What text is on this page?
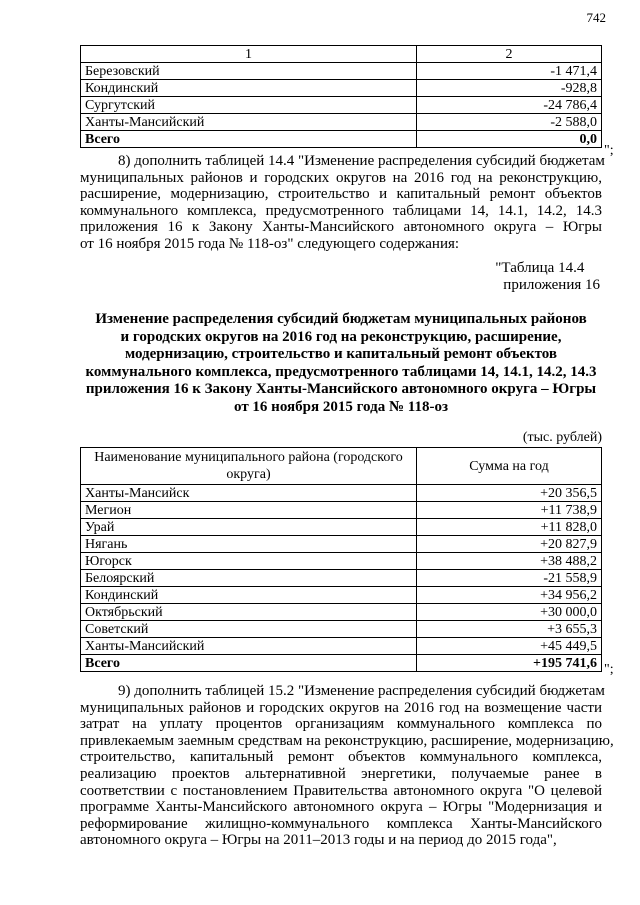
742
1	2
Березовский	-1 471,4
Кондинский	-928,8
Сургутский	-24 786,4
Ханты-Мансийский	-2 588,0
Всего	0,0
";
8) дополнить таблицей 14.4 "Изменение распределения субсидий бюджетам
муниципальных районов и городских округов на 2016 год на реконструкцию,
расширение, модернизацию, строительство и капитальный ремонт объектов
коммунального комплекса, предусмотренного таблицами 14, 14.1, 14.2, 14.3
приложения 16 к Закону Ханты-Мансийского автономного округа – Югры
от 16 ноября 2015 года № 118-оз" следующего содержания:
"Таблица 14.4
приложения 16
Изменение распределения субсидий бюджетам муниципальных районов
и городских округов на 2016 год на реконструкцию, расширение,
модернизацию, строительство и капитальный ремонт объектов
коммунального комплекса, предусмотренного таблицами 14, 14.1, 14.2, 14.3
приложения 16 к Закону Ханты-Мансийского автономного округа – Югры
от 16 ноября 2015 года № 118-оз
(тыс. рублей)
Наименование муниципального района (городского округа)	Сумма на год
Ханты-Мансийск	+20 356,5
Мегион	+11 738,9
Урай	+11 828,0
Нягань	+20 827,9
Югорск	+38 488,2
Белоярский	-21 558,9
Кондинский	+34 956,2
Октябрьский	+30 000,0
Советский	+3 655,3
Ханты-Мансийский	+45 449,5
Всего	+195 741,6 ";
9) дополнить таблицей 15.2 "Изменение распределения субсидий бюджетам
муниципальных районов и городских округов на 2016 год на возмещение части
затрат на уплату процентов организациям коммунального комплекса по
привлекаемым заемным средствам на реконструкцию, расширение, модернизацию,
строительство, капитальный ремонт объектов коммунального комплекса,
реализацию проектов альтернативной энергетики, получаемые ранее в
соответствии с постановлением Правительства автономного округа "О целевой
программе Ханты-Мансийского автономного округа – Югры "Модернизация и
реформирование жилищно-коммунального комплекса Ханты-Мансийского
автономного округа – Югры на 2011–2013 годы и на период до 2015 года",
